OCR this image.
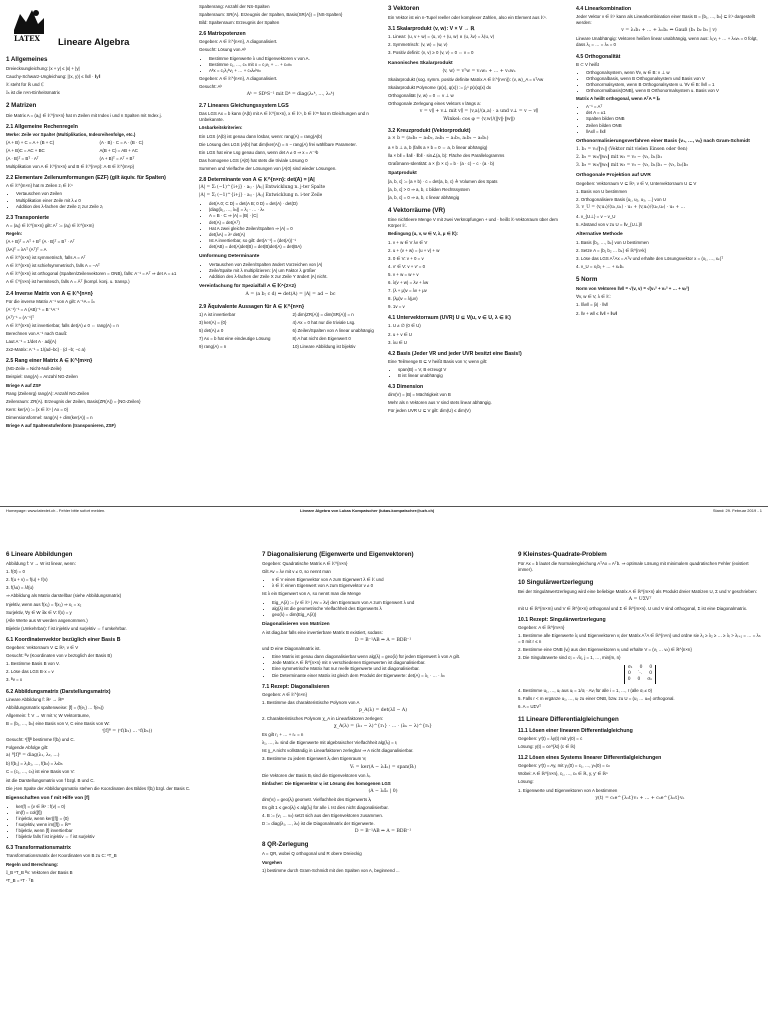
LATEX Lineare Algebra
1 Allgemeines

Dreiecksungleichung: |x + y| ≤ |x| + |y|

Cauchy-Schwarz-Ungleichung: |⟨x, y⟩| ≤ ‖x‖ · ‖y‖

𝕂 steht für ℝ und ℂ

𝕀ₙ ist die n×n-Einheitsmatrix

2 Matrizen

Die Matrix A = (aᵢⱼ) ∈ 𝕂^{m×n} hat m Zeilen mit Index i und n Spalten mit Index j.

2.1 Allgemeine Rechenregeln

Merke: Zeile vor Spalte! (Multiplikation, Indexreihenfolge, etc.)

(A + B) + C = A + (B + C)	(A · B) · C = A · (B · C)

(A + B)C = AC + BC	A(B + C) = AB + AC

(A · B)ᵀ = Bᵀ · Aᵀ	(A + B)ᵀ = Aᵀ + Bᵀ

Multiplikation von A ∈ 𝕂^{m×n} und B ∈ 𝕂^{n×p}: A·B ∈ 𝕂^{m×p}

2.2 Elementare Zeilenumformungen (EZF) (gilt äquiv. für Spalten)

A ∈ 𝕂^{m×n} hat m Zeilen zᵢ ∈ 𝕂ⁿ

• Vertauschen von Zeilen
• Multiplikation einer Zeile mit λ ≠ 0
• Addition des λ-fachen der Zeile zⱼ zur Zeile zᵢ
2.3 Transponierte

A = (aᵢⱼ) ∈ 𝕂^{m×n} gilt: Aᵀ := (aⱼᵢ) ∈ 𝕂^{n×m}

Regeln:

(A + B)ᵀ = Aᵀ + Bᵀ (A · B)ᵀ = Bᵀ · Aᵀ

(λA)ᵀ = λAᵀ (Aᵀ)ᵀ = A

A ∈ 𝕂^{n×n} ist symmetrisch, falls A = Aᵀ

A ∈ 𝕂^{n×n} ist schiefsymmetrisch, falls A = −Aᵀ

A ∈ 𝕂^{n×n} ist orthogonal (Spalten/Zeilenvektoren = ONB), falls: A⁻¹ = Aᵀ ⇒ det A = ±1

A ∈ ℂ^{n×n} ist hermitesch, falls A = Āᵀ (kompl. konj. u. transp.)

2.4 Inverse Matrix von A ∈ 𝕂^{n×n}

Für die inverse Matrix A⁻¹ von A gilt: A⁻¹A = 𝕀ₙ

(A⁻¹)⁻¹ = A (AB)⁻¹ = B⁻¹A⁻¹

(Aᵀ)⁻¹ = (A⁻¹)ᵀ

A ∈ 𝕂^{n×n} ist invertierbar, falls det(A) ≠ 0 ⇔ rang(A) = n

Berechnen von A⁻¹ nach Gauß:

Laut A⁻¹ = 1/det A · adj(A)

2x2-Matrix: A⁻¹ = 1/(ad−bc) · (d −b; −c a)

2.5 Rang einer Matrix A ∈ 𝕂^{m×n}

(NG-Zeile = Nicht-Null-Zeile)

Beispiel: rang(A) = Anzahl NG-Zeilen

Briege A auf ZSF

Rang (Zeilenrg) rang(A): Anzahl NG-Zeilen

Zeilenraum: ZR(A). Erzeugnis der Zeilen, Basis(ZR(A)) = {NG-Zeilen}

Kern: ker(A) := {x ∈ 𝕂ⁿ | Ax = 0}

Dimensionsformel: rang(A) + dim(ker(A)) = n

Briege A auf Spaltenstufenform (transponieren, ZSF)

Spaltenrang: Anzahl der NS-Spalten

Spaltenraum: SR(A). Erzeugnis der Spalten, Basis(SR(A)) = {NS-Spalten}

Bild: Spaltenraum: Erzeugnis der Spalten

2.6 Matrixpotenzen

Gegeben: A ∈ 𝕂^{n×n}, Λ diagonalisiert.

Gesucht: Lösung von Aᵏ

• Bestimme Eigenwerte λ und Eigenvektoren v von A.
• Bestimme c₁, …, cₙ mit x = c₁v₁ + … + cₙvₙ
• Aᵏx = c₁λ₁ᵏv₁ + … + cₙλₙᵏvₙ

Gegeben: A ∈ 𝕂^{n×n}, Λ diagonalisiert.

Gesucht: Aᵏ

Aᵏ = SDᵏS⁻¹ mit Dᵏ = diag(λ₁ᵏ, …, λₙᵏ)

2.7 Lineares Gleichungssystem LGS

Das LGS Ax = b kann (A|b) mit A ∈ 𝕂^{m×n}, x ∈ 𝕂ⁿ, b ∈ 𝕂ᵐ hat m Gleichungen und n Unbekannte.

Lösbarkeitskriterien:

Ein LGS (A|b) ist genau dann lösbar, wenn: rang(A) = rang(A|b)

Die Lösung des LGS (A|b) hat dim(ker(A)) = n − rang(A) frei wählbare Parameter.

Ein LGS hat eine Lsg genau dann, wenn det A ≠ 0 ⇒ x = A⁻¹b

Das homogene LGS (A|0) hat stets die triviale Lösung 0

Summen und Vielfache der Lösungen von (A|0) sind wieder Lösungen.

2.8 Determinante von A ∈ 𝕂^{n×n}: det(A) = |A|

|A| = Σᵢ (−1)^{i+j} · aᵢⱼ · |Aᵢⱼ| Entwicklung n. j-ter Spalte

|A| = Σⱼ (−1)^{i+j} · aᵢⱼ · |Aᵢⱼ| Entwicklung n. i-ter Zeile

• det(A 0; C D) = det(A B; 0 D) = det(A) · det(D)
• |diag(λ₁, …, λₙ)| = λ₁ · … · λₙ
• A = B · C ⇒ |A| = |B| · |C|
• det(A) = det(Aᵀ)
• Hat A zwei gleiche Zeilen/Spalten ⇒ |A| = 0
• det(λA) = λⁿ det(A)
• Ist A invertierbar, so gilt: det(A⁻¹) = (det(A))⁻¹
• det(AB) = det(A)det(B) = det(B)det(A) = det(BA)
Umformung Determinante
• Vertauschen von Zeilen/Spalten ändert Vorzeichen von |A|
• Zeile/Spalte mit λ multiplizieren: |A| um Faktor λ größer
• Addition des λ-fachen der Zeile X zur Zeile Y ändert |A| nicht.
Vereinfachung für Spezialfall A ∈ 𝕂^{2×2}

A = (a b; c d) ⇒ det(A) = |A| = ad − bc

2.9 Äquivalente Aussagen für A ∈ 𝕂^{n×n}

1) A ist invertierbar	2) dim(ZR(A)) = dim(SR(A)) = n

3) ker(A) = {0}	4) Ax = 0 hat nur die triviale Lsg.

5) det(A) ≠ 0	6) Zeilen/Spalten von A linear unabhängig

7) Ax = b hat eine eindeutige Lösung	8) A hat nicht den Eigenwert 0

9) rang(A) = n	10) Lineare Abbildung ist bijektiv

3 Vektoren

Ein Vektor ist ein n-Tupel reeller oder komplexer Zahlen, also ein Element aus 𝕂ⁿ.

3.1 Skalarprodukt ⟨v, w⟩: V × V → ℝ

1. Linear: ⟨u, v + w⟩ = ⟨u, v⟩ + ⟨u, w⟩ ∧ ⟨u, λv⟩ = λ⟨u, v⟩

2. Symmetrisch: ⟨v, w⟩ = ⟨w, v⟩

3. Positiv definit: ⟨v, v⟩ ≥ 0 ⟨v, v⟩ = 0 ⇔ v = 0

Kanonisches Skalarprodukt

⟨v, w⟩ = vᵀw = v₁w₁ + … + vₙwₙ

Skalarprodukt (sog. symm. positiv definite Matrix A ∈ 𝕂^{n×n}): ⟨v, w⟩_A = vᵀAw

Skalarprodukt Polynome ⟨p(x), q(x)⟩ := ∫₀¹ p(x)q(x) dx

Orthogonalität ⟨v, w⟩ = 0 ⇔ v ⊥ w

Orthogonale Zerlegung eines Vektors v längs a:

v = v∥ + v⊥ mit v∥ = ⟨v,a⟩/⟨a,a⟩ · a und v⊥ = v − v∥

Winkel: cos φ = ⟨v,w⟩/(‖v‖·‖w‖)

3.2 Kreuzprodukt (Vektorprodukt)

a × b = (a₂b₃ − a₃b₂, a₃b₁ − a₁b₃, a₁b₂ − a₂b₁)

a × b ⊥ a, b (falls a × b = 0 ⇔ a, b linear abhängig)

‖a × b‖ = ‖a‖ · ‖b‖ · sin∠(a, b): Fläche des Parallelogramms

Graßmann-Identität: a × (b × c) = b · (a · c) − c · (a · b)

Spatprodukt

[a, b, c] := (a × b) · c = det(a, b, c) ≙ Volumen des Spats

[a, b, c] > 0 ⇒ a, b, c bilden Rechtssystem

[a, b, c] = 0 ⇒ a, b, c linear abhängig

4 Vektorräume (VR)

Eine nichtleere Menge V mit zwei Verknüpfungen + und · heißt 𝕂-Vektorraum über dem Körper 𝕂.

Bedingung (u, v, w ∈ V, λ, μ ∈ 𝕂):

1. v + w ∈ V λv ∈ V

2. u + (v + w) = (u + v) + w

3. 0 ∈ V: v + 0 = v

4. v′ ∈ V: v + v′ = 0

5. v + w = w + v

6. λ(v + w) = λv + λw

7. (λ + μ)v = λv + μv

8. (λμ)v = λ(μv)

9. 1v = v

4.1 Untervektorraum (UVR) U ⊆ V(u, v ∈ U, λ ∈ 𝕂)

1. U ≠ ∅ (0 ∈ U)

2. u + v ∈ U

3. λu ∈ U

4.2 Basis (Jeder VR und jeder UVR besitzt eine Basis!)

Eine Teilmenge B ⊆ V heißt Basis von V, wenn gilt:

• span(B) = V, B erzeugt V
• B ist linear unabhängig
4.3 Dimension

dim(V) = |B| = Mächtigkeit von B

Mehr als n Vektoren aus V sind stets linear abhängig.

Für jeden UVR U ⊆ V gilt: dim(U) ≤ dim(V)

4.4 Linearkombination

Jeder Vektor v ∈ 𝕂ⁿ kann als Linearkombination einer Basis B = {b₁, …, bₙ} ⊆ 𝕂ⁿ dargestellt werden:

v = λ₁b₁ + … + λₙbₙ ⇔ Gauß (b₁ b₂ b₃ | v)

Lineare Unabhängig: Vektoren heißen linear unabhängig, wenn aus: λ₁v₁ + … + λₙvₙ = 0 folgt, dass λ₁ = … = λₙ = 0

4.5 Orthogonalität

B ⊂ V heißt

• Orthogonalsystem, wenn ∀v, w ∈ B: v ⊥ w
• Orthogonalbasis, wenn B Orthogonalsystem und Basis von V
• Orthonormalsystem, wenn B Orthogonalsystem u. ∀v ∈ B: ‖v‖ = 1
• Orthonormalbasis(ONB), wenn B Orthonormalsystem u. Basis von V

Matrix A heißt orthogonal, wenn AᵀA = 𝕀ₙ

• A⁻¹ = Aᵀ
• det A = ±1
• Spalten bilden ONB
• Zeilen bilden ONB
• ‖Ax‖ = ‖x‖
Orthonormalisierungsverfahren einer Basis {v₁, …, vₙ} nach Gram-Schmidt

1. b₁ = v₁/‖v₁‖ (Vektor mit vielen Einsen oder 0en)

2. b₂ = w₂/‖w₂‖ mit w₂ = v₂ − ⟨v₂, b₁⟩b₁

3. b₃ = w₃/‖w₃‖ mit w₃ = v₃ − ⟨v₃, b₁⟩b₁ − ⟨v₃, b₂⟩b₂

Orthogonale Projektion auf UVR

Gegeben: Vektorraum V ⊆ ℝⁿ, v ∈ V, Untervektorraum U ⊆ V

1. Basis von U bestimmen

2. Orthogonalisiere Basis {u₁, u₂, u₃, …} von U

3. v_U = ⟨v,u₁⟩/⟨u₁,u₁⟩ · u₁ + ⟨v,u₂⟩/⟨u₂,u₂⟩ · u₂ + …

4. v_{U⊥} = v − v_U

5. Abstand von v zu U = ‖v_{U⊥}‖

Alternative Methode

1. Basis {b₁, …, bₖ} von U bestimmen

2. Setze A = (b₁ b₂ … bₖ) ∈ ℝ^{n×k}

3. Löse das LGS AᵀAx = Aᵀv und erhalte den Lösungsvektor x = (x₁, …, xₖ)ᵀ

4. v_U = x₁b₁ + … + xₖbₖ

5 Norm

Norm von Vektoren ‖v‖ = √⟨v, v⟩ = √(v₁² + v₂² + … + vₙ²)

∀v, w ∈ V, λ ∈ 𝕂:

1. ‖λv‖ = |λ| · ‖v‖

2. ‖v + w‖ ≤ ‖v‖ + ‖w‖

Homepage: www.latexlet.ch - Fehler bitte sofort melden.	Lineare Algebra von Lukas Kompatscher (lukas.kompatscher@uzh.ch)	Stand: 29. Februar 2019 - 1
6 Lineare Abbildungen

Abbildung f: V → W ist linear, wenn:

1. f(0) = 0

2. f(u + v) = f(u) + f(v)

3. f(λu) = λf(u)

⇒ Abbildung als Matrix darstellbar (siehe Abbildungsmatrix)

Injektiv, wenn aus f(x₁) = f(x₂) ⇒ x₁ = x₂

Surjektiv, ∀y ∈ W ∃x ∈ V: f(x) = y

(Alle Werte aus W werden angenommen.)

Bijektiv (Umkehrbar): f ist injektiv und surjektiv ⇔ f umkehrbar.

6.1 Koordinatenvektor bezüglich einer Basis B

Gegeben: Vektorraum V ⊆ ℝⁿ, v ∈ V

Gesucht: ᴮv (Koordinaten von v bezüglich der Basis B)

1. Bestimme Basis B von V.

2. Löse das LGS B·x = v

3. ᴮv = x

6.2 Abbildungsmatrix (Darstellungsmatrix)

Lineare Abbildung f: ℝⁿ → ℝᵐ

Abbildungsmatrix spaltenweise: [f] = (f(e₁) … f(eₙ))

Allgemein: f: V → W mit V, W Vektorräume,

B = (b₁, …, bₙ) eine Basis von V, C eine Basis von W:

ᶜ[f]ᴮ = (ᶜf(b₁) … ᶜf(bₙ))

Gesucht: ᶜ[f]ᴮ bestimme f(bᵢ) und C.

Folgende Abfolge gilt:

a) ᴮ[f]ᴮ = diag(λ₁, λ₂, …)

b) f(b₁) = λ₁b₁, …, f(bₙ) = λₙbₙ

C = (c₁, …, cₙ) ist eine Basis von V:

ist die Darstellungsmatrix von f bzgl. B und C.

Die j-ten Spalte der Abbildungsmatrix stehen die Koordinaten des Bildes f(bⱼ) bzgl. der Basis C.

Eigenschaften von f mit Hilfe von [f]
• ker(f) = {v ∈ ℝⁿ : f(v) = 0}
• im(f) = col([f])
• f injektiv, wenn ker([f]) = {0}
• f surjektiv, wenn im([f]) = ℝᵐ
• f bijektiv, wenn [f] invertierbar
• f bijektiv falls f ist injektiv ⇔ f ist surjektiv
6.3 Transformationsmatrix

Transformationsmatrix der Koordinaten von B zu C: ᶜT_B

Regeln und Berechnung:

𝕀_B ᶜT_B ᴮv: Vektoren der Basis B

ᶜT_B = ᶜT · ᵀB

7 Diagonalisierung (Eigenwerte und Eigenvektoren)

Gegeben: Quadratische Matrix A ∈ 𝕂^{n×n}

Gilt Av = λv mit v ≠ 0, so nennt man

• v ∈ V einen Eigenvektor von A zum Eigenwert λ ∈ 𝕂 und
• λ ∈ 𝕂 einen Eigenwert von A zum Eigenvektor v ≠ 0

Ist λ ein Eigenwert von A, so nennt man die Menge

• Eig_A(λ) := {v ∈ 𝕂ⁿ | Av = λv} den Eigenraum von A zum Eigenwert λ und
• alg(λ) ist die geometrische Vielfachheit des Eigenwerts λ
• geo(λ) = dim(Eig_A(λ))
Diagonalisieren von Matrizen

A ist diag.bar falls eine invertierbare Matrix B existiert, sodass:

D = B⁻¹AB ⇔ A = BDB⁻¹

und D eine Diagonalmatrix ist.

• Eine Matrix ist genau dann diagonalisierbar wenn alg(λ) = geo(λ) für jeden Eigenwert λ von A gilt.
• Jede Matrix A ∈ ℝ^{n×n} mit n verschiedenen Eigenwerten ist diagonalisierbar.
• Eine symmetrische Matrix hat nur reelle Eigenwerte und ist diagonalisierbar.
• Die Determinante einer Matrix ist gleich dem Produkt der Eigenwerte: det(A) = λ₁ · … · λₙ
7.1 Rezept: Diagonalisieren

Gegeben: A ∈ 𝕂^{n×n}

1. Bestimme das charakteristische Polynom von A

p_A(λ) = det(λ𝕀 − A)

2. Charakteristisches Polynom χ_A in Linearfaktoren zerlegen:

χ_A(λ) = (λ₁ − λ)^{r₁} · … · (λₖ − λ)^{rₖ}

Es gilt r₁ + … + rₖ = n

λ₁, …, λₖ sind die Eigenwerte mit algebraischer Vielfachheit alg(λᵢ) = rᵢ

Ist χ_A nicht vollständig in Linearfaktoren zerlegbar ⇒ A nicht diagonalisierbar.

3. Bestimme zu jedem Eigenwert λᵢ den Eigenraum Vᵢ

Vᵢ = ker(A − λᵢ𝕀ₙ) = span(Bᵢ)

Die Vektoren der Basis Bᵢ sind die Eigenvektoren von λᵢ.

Einfacher: Die Eigenvektor vᵢ ist Lösung des homogenen LGS

(A − λᵢ𝕀ₙ | 0)

dim(Vᵢ) = geo(λᵢ) geometr. Vielfachheit des Eigenwerts λᵢ

Es gilt 1 ≤ geo(λᵢ) ≤ alg(λᵢ) für alle i. Ist dies nicht diagonalisierbar.

4. B := (v₁ … vₙ) setzt sich aus den Eigenvektoren zusammen.

D := diag(λ₁, …, λₙ) ist die Diagonalmatrix der Eigenwerte.

D = B⁻¹AB ⇔ A = BDB⁻¹

8 QR-Zerlegung

A = QR, wobei Q orthogonal und R obere Dreieckig

Vorgehen

1) bestimme durch Gram-Schmidt mit den Spalten von A, beginnend ...

9 Kleinstes-Quadrate-Problem

Für Ax = b lautet die Normalengleichung AᵀAx = Aᵀb. ⇒ optimale Lösung mit minimalem quadratischen Fehler (existiert immer).

10 Singulärwertzerlegung

Bei der Singulärwertzerlegung wird eine beliebige Matrix A ∈ ℝ^{m×n} als Produkt dreier Matrizen U, Σ und V geschrieben:

A = UΣVᵀ

mit U ∈ ℝ^{m×m} und V ∈ ℝ^{n×n} orthogonal und Σ ∈ ℝ^{m×n}. U und V sind orthogonal, Σ ist eine Diagonalmatrix.

10.1 Rezept: Singulärwertzerlegung

Gegeben: A ∈ ℝ^{m×n}

1. Bestimme alle Eigenwerte λⱼ und Eigenvektoren vⱼ der Matrix AᵀA ∈ ℝ^{n×n} und ordne sie λ₁ ≥ λ₂ ≥ … ≥ λᵣ > λᵣ₊₁ = … = λₙ = 0 mit r ≤ n

2. Bestimme eine ONB {vᵢ} aus den Eigenvektoren vᵢ und erhalte V = (v₁ … vₙ) ∈ ℝ^{n×n}

3. Die Singulärwerte sind σⱼ = √λⱼ, j = 1, …, min{m, n}

σ₁ 0 0
0 ⋱ 0
0 0 σₙ

4. Bestimme u₁, …, uᵣ aus uᵢ = 1/σᵢ · Avᵢ für alle i = 1, …, r (alle σᵢ ≠ 0)

5. Falls r < m ergänze u₁, …, uᵣ zu einer ONB, bzw. zu U = (u₁ … uₘ) orthogonal.

6. A = UΣVᵀ

11 Lineare Differentialgleichungen
11.1 Lösen einer linearen Differentialgleichung

Gegeben: y′(t) = λy(t) mit y(0) = c

Lösung: y(t) = ce^{λt} (c ∈ ℝ)

11.2 Lösen eines Systems linearer Differentialgleichungen

Gegeben: y′(t) = Ay, mit y₁(0) = c₁, …, yₙ(0) = cₙ

Wobei: A ∈ ℝ^{n×n}, c₁, …, cₙ ∈ ℝ, y, y′ ∈ ℝⁿ

Lösung:

1. Eigenwerte und Eigenvektoren von A bestimmen

y(t) = c₁e^{λ₁t}v₁ + … + cₙe^{λₙt}vₙ
